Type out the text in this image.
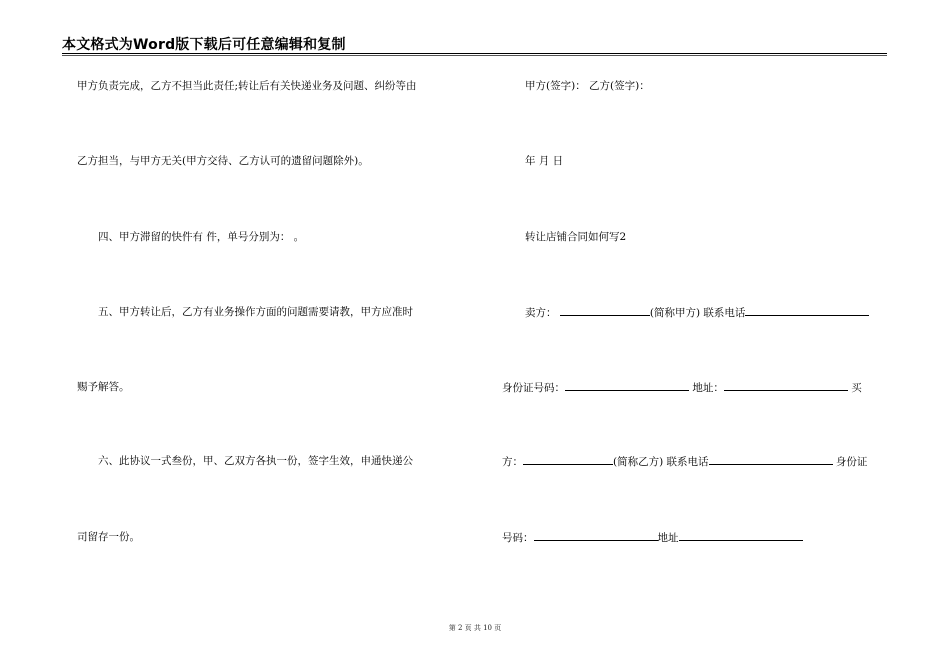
本文格式为Word版下载后可任意编辑和复制
甲方负责完成，乙方不担当此责任;转让后有关快递业务及问题、纠纷等由
乙方担当，与甲方无关(甲方交待、乙方认可的遗留问题除外)。
四、甲方滞留的快件有 件，单号分别为： 。
五、甲方转让后，乙方有业务操作方面的问题需要请教，甲方应准时
赐予解答。
六、此协议一式叁份，甲、乙双方各执一份，签字生效，申通快递公
司留存一份。
甲方(签字)： 乙方(签字)：
年 月 日
转让店铺合同如何写2
卖方：	(简称甲方) 联系电话
身份证号码：	地址：	买
方：	(简称乙方) 联系电话	身份证
号码：	地址
第 2 页 共 10 页
